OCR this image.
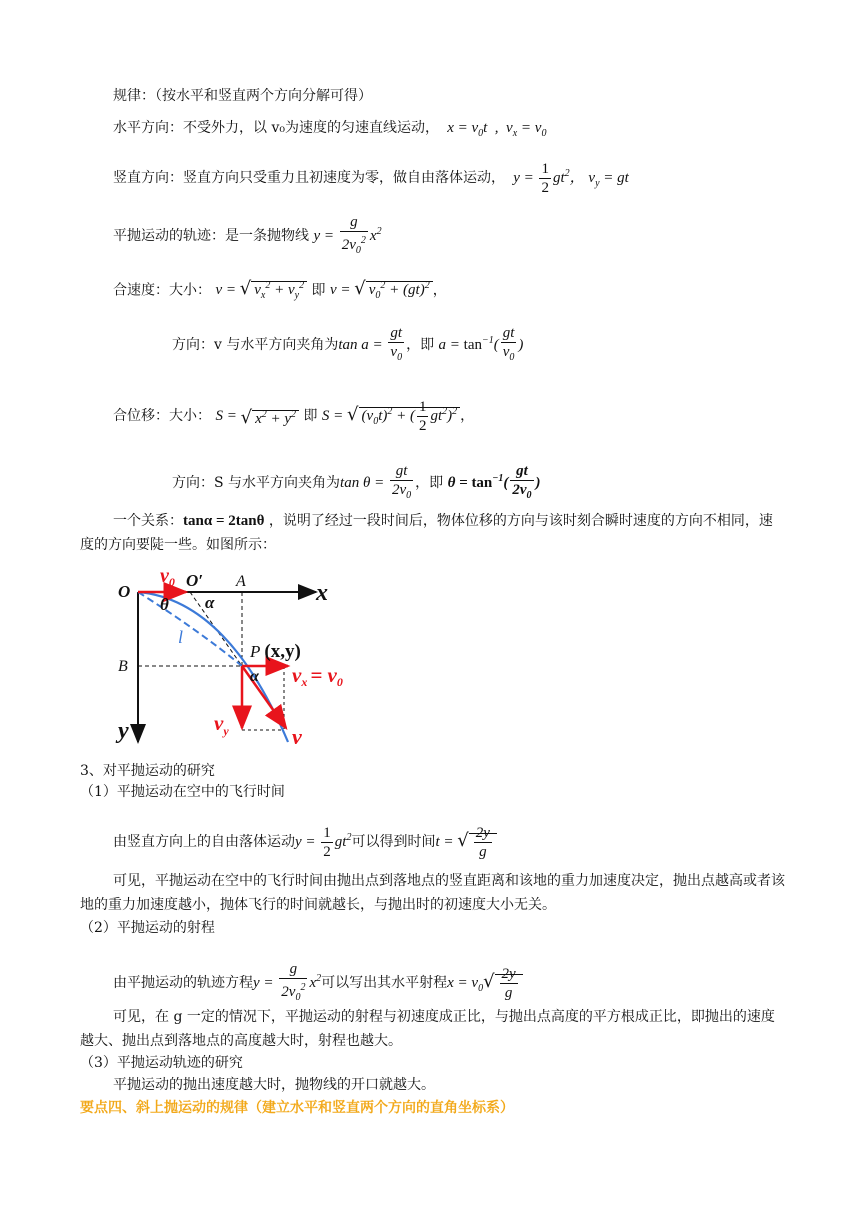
规律：（按水平和竖直两个方向分解可得）
水平方向：不受外力，以 v₀为速度的匀速直线运动，  $x = v_0t$  ,  $v_x = v_0$
竖直方向：竖直方向只受重力且初速度为零，做自由落体运动，  $y = \frac{1}{2} gt^2$， $v_y$ = gt
平抛运动的轨迹：是一条抛物线 $y = \frac{g}{2v_0^2} x^2$
合速度：大小： v = √ $v_x^2 + v_y^2$ 即 v = √ $v_0^2 + (gt)^2$ ，
方向：v 与水平方向夹角为$\tan a = \frac{gt}{v_0}$ ，即 $a = \tan^{-1}( \frac{gt}{v_0}$ )
合位移：大小： S = √ $x^2 + y^2$ 即 S = √ $(v_0t)^2$ + ( $\frac{1}{2} gt^2)^2$ ，
方向：S 与水平方向夹角为$\tan \theta = \frac{gt}{2v_0}$ ，即 $\theta = \tan^{-1}( \frac{gt}{2v_0}$ )
一个关系：tanα = 2tanθ ，说明了经过一段时间后，物体位移的方向与该时刻合瞬时速度的方向不相同，速度的方向要陡一些。如图所示：
O
$v_0$ O′ A	x
θ α
l
B
P (x,y)
α vx = v0
$v_y$	v
y
3、对平抛运动的研究
（1）平抛运动在空中的飞行时间
由竖直方向上的自由落体运动$y = \frac{1}{2} gt^2$可以得到时间t = √ $\frac{2y}{g}$
可见，平抛运动在空中的飞行时间由抛出点到落地点的竖直距离和该地的重力加速度决定，抛出点越高或者该地的重力加速度越小，抛体飞行的时间就越长，与抛出时的初速度大小无关。
（2）平抛运动的射程
由平抛运动的轨迹方程$y = \frac{g}{2v_0^2} x^2$可以写出其水平射程$x = v_0√ \frac{2y}{g}$
可见，在 g 一定的情况下，平抛运动的射程与初速度成正比，与抛出点高度的平方根成正比，即抛出的速度越大、抛出点到落地点的高度越大时，射程也越大。
（3）平抛运动轨迹的研究
平抛运动的抛出速度越大时，抛物线的开口就越大。
要点四、斜上抛运动的规律（建立水平和竖直两个方向的直角坐标系）
